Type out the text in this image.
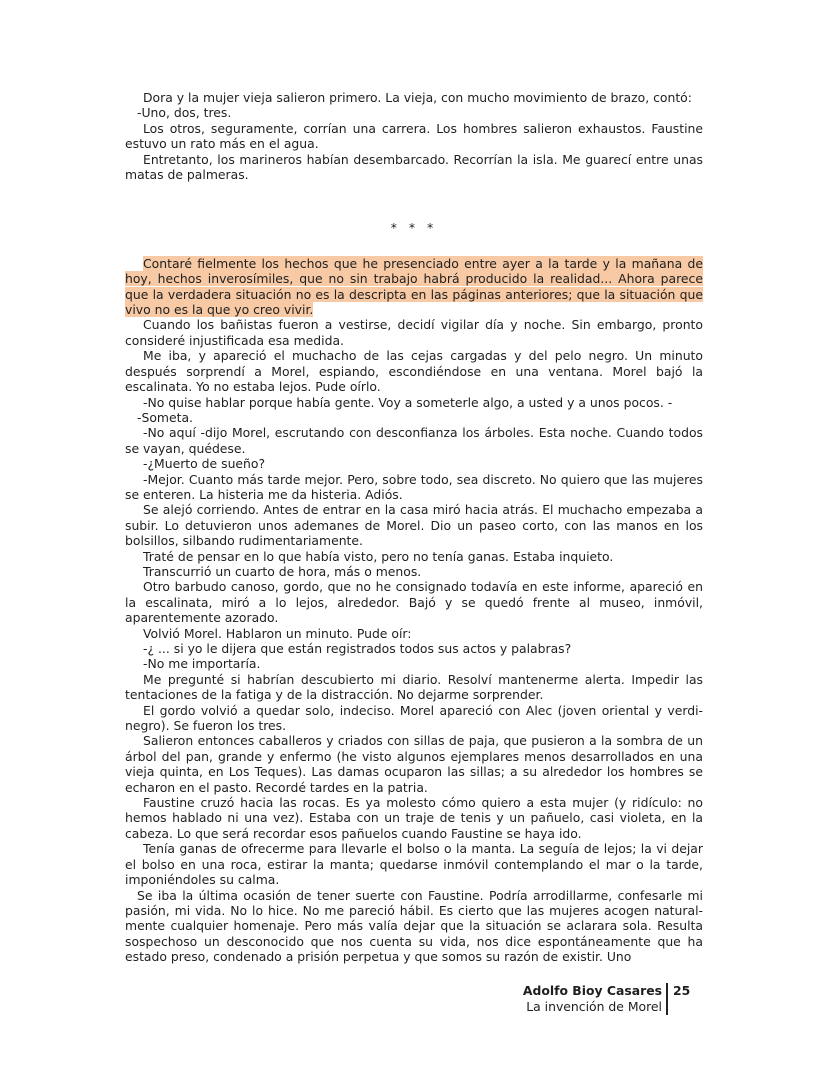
Dora y la mujer vieja salieron primero. La vieja, con mucho movimiento de brazo, contó:

-Uno, dos, tres.

Los otros, seguramente, corrían una carrera. Los hombres salieron exhaustos. Faustine estuvo un rato más en el agua.

Entretanto, los marineros habían desembarcado. Recorrían la isla. Me guarecí entre unas matas de palmeras.

* * *

Contaré fielmente los hechos que he presenciado entre ayer a la tarde y la mañana de hoy, hechos inverosímiles, que no sin trabajo habrá producido la realidad... Ahora parece que la verdadera situación no es la descripta en las páginas anteriores; que la situación que vivo no es la que yo creo vivir.

Cuando los bañistas fueron a vestirse, decidí vigilar día y noche. Sin embargo, pronto consideré injustificada esa medida.

Me iba, y apareció el muchacho de las cejas cargadas y del pelo negro. Un minuto después sorprendí a Morel, espiando, escondiéndose en una ventana. Morel bajó la escalinata. Yo no estaba lejos. Pude oírlo.

-No quise hablar porque había gente. Voy a someterle algo, a usted y a unos pocos. -

-Someta.

-No aquí -dijo Morel, escrutando con desconfianza los árboles. Esta noche. Cuando todos se vayan, quédese.

-¿Muerto de sueño?

-Mejor. Cuanto más tarde mejor. Pero, sobre todo, sea discreto. No quiero que las mujeres se enteren. La histeria me da histeria. Adiós.

Se alejó corriendo. Antes de entrar en la casa miró hacia atrás. El muchacho empezaba a subir. Lo detuvieron unos ademanes de Morel. Dio un paseo corto, con las manos en los bolsillos, silbando rudimentariamente.

Traté de pensar en lo que había visto, pero no tenía ganas. Estaba inquieto.

Transcurrió un cuarto de hora, más o menos.

Otro barbudo canoso, gordo, que no he consignado todavía en este informe, apareció en la escalinata, miró a lo lejos, alrededor. Bajó y se quedó frente al museo, inmóvil, aparentemente azorado.

Volvió Morel. Hablaron un minuto. Pude oír:

-¿ ... si yo le dijera que están registrados todos sus actos y palabras?

-No me importaría.

Me pregunté si habrían descubierto mi diario. Resolví mantenerme alerta. Impedir las tentaciones de la fatiga y de la distracción. No dejarme sorprender.

El gordo volvió a quedar solo, indeciso. Morel apareció con Alec (joven oriental y verdi-negro). Se fueron los tres.

Salieron entonces caballeros y criados con sillas de paja, que pusieron a la sombra de un árbol del pan, grande y enfermo (he visto algunos ejemplares menos desarrollados en una vieja quinta, en Los Teques). Las damas ocuparon las sillas; a su alrededor los hombres se echaron en el pasto. Recordé tardes en la patria.

Faustine cruzó hacia las rocas. Es ya molesto cómo quiero a esta mujer (y ridículo: no hemos hablado ni una vez). Estaba con un traje de tenis y un pañuelo, casi violeta, en la cabeza. Lo que será recordar esos pañuelos cuando Faustine se haya ido.

Tenía ganas de ofrecerme para llevarle el bolso o la manta. La seguía de lejos; la vi dejar el bolso en una roca, estirar la manta; quedarse inmóvil contemplando el mar o la tarde, imponiéndoles su calma.

Se iba la última ocasión de tener suerte con Faustine. Podría arrodillarme, confesarle mi pasión, mi vida. No lo hice. No me pareció hábil. Es cierto que las mujeres acogen natural-mente cualquier homenaje. Pero más valía dejar que la situación se aclarara sola. Resulta sospechoso un desconocido que nos cuenta su vida, nos dice espontáneamente que ha estado preso, condenado a prisión perpetua y que somos su razón de existir. Uno

Adolfo Bioy Casares
La invención de Morel
25
